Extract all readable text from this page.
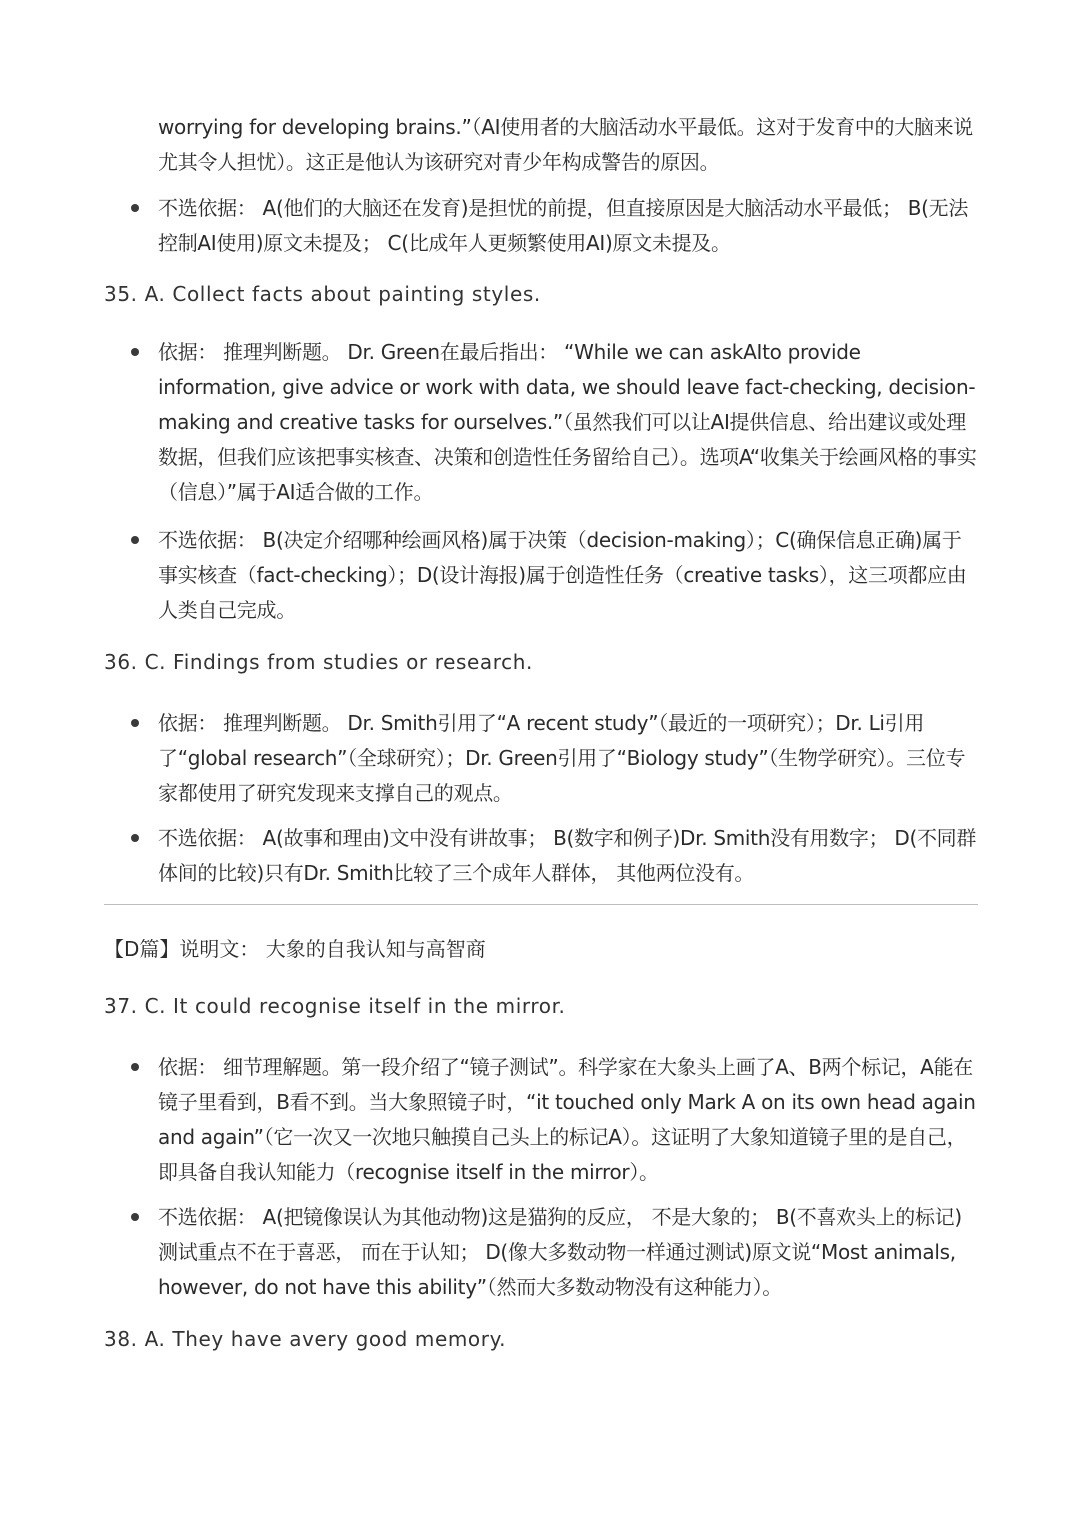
worrying for developing brains.”（AI使用者的大脑活动水平最低。这对于发育中的大脑来说尤其令人担忧）。这正是他认为该研究对青少年构成警告的原因。

不选依据： A(他们的大脑还在发育)是担忧的前提，但直接原因是大脑活动水平最低； B(无法控制AI使用)原文未提及； C(比成年人更频繁使用AI)原文未提及。

35. A. Collect facts about painting styles.

依据： 推理判断题。 Dr. Green在最后指出： “While we can askAIto provide information, give advice or work with data, we should leave fact-checking, decision-making and creative tasks for ourselves.”（虽然我们可以让AI提供信息、给出建议或处理数据，但我们应该把事实核查、决策和创造性任务留给自己）。选项A“收集关于绘画风格的事实（信息）”属于AI适合做的工作。

不选依据： B(决定介绍哪种绘画风格)属于决策（decision-making）；C(确保信息正确)属于事实核查（fact-checking）；D(设计海报)属于创造性任务（creative tasks），这三项都应由人类自己完成。

36. C. Findings from studies or research.

依据： 推理判断题。 Dr. Smith引用了“A recent study”（最近的一项研究）；Dr. Li引用了“global research”（全球研究）；Dr. Green引用了“Biology study”（生物学研究）。三位专家都使用了研究发现来支撑自己的观点。

不选依据： A(故事和理由)文中没有讲故事； B(数字和例子)Dr. Smith没有用数字； D(不同群体间的比较)只有Dr. Smith比较了三个成年人群体， 其他两位没有。

【D篇】说明文： 大象的自我认知与高智商

37. C. It could recognise itself in the mirror.

依据： 细节理解题。第一段介绍了“镜子测试”。科学家在大象头上画了A、B两个标记，A能在镜子里看到，B看不到。当大象照镜子时，“it touched only Mark A on its own head again and again”（它一次又一次地只触摸自己头上的标记A）。这证明了大象知道镜子里的是自己，即具备自我认知能力（recognise itself in the mirror）。

不选依据： A(把镜像误认为其他动物)这是猫狗的反应， 不是大象的； B(不喜欢头上的标记)测试重点不在于喜恶， 而在于认知； D(像大多数动物一样通过测试)原文说“Most animals, however, do not have this ability”（然而大多数动物没有这种能力）。

38. A. They have avery good memory.
